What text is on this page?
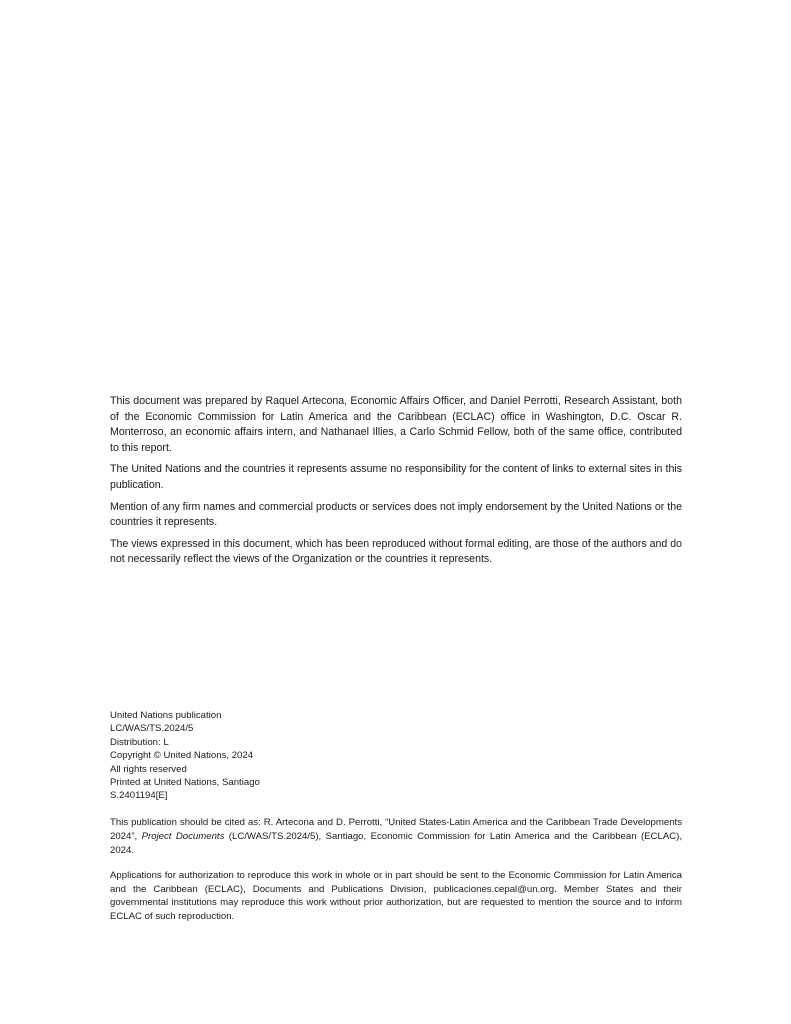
This document was prepared by Raquel Artecona, Economic Affairs Officer, and Daniel Perrotti, Research Assistant, both of the Economic Commission for Latin America and the Caribbean (ECLAC) office in Washington, D.C. Oscar R. Monterroso, an economic affairs intern, and Nathanael Illies, a Carlo Schmid Fellow, both of the same office, contributed to this report.

The United Nations and the countries it represents assume no responsibility for the content of links to external sites in this publication.

Mention of any firm names and commercial products or services does not imply endorsement by the United Nations or the countries it represents.

The views expressed in this document, which has been reproduced without formal editing, are those of the authors and do not necessarily reflect the views of the Organization or the countries it represents.

United Nations publication
LC/WAS/TS.2024/5
Distribution: L
Copyright © United Nations, 2024
All rights reserved
Printed at United Nations, Santiago
S.2401194[E]

This publication should be cited as: R. Artecona and D. Perrotti, “United States-Latin America and the Caribbean Trade Developments 2024”, Project Documents (LC/WAS/TS.2024/5), Santiago, Economic Commission for Latin America and the Caribbean (ECLAC), 2024.

Applications for authorization to reproduce this work in whole or in part should be sent to the Economic Commission for Latin America and the Caribbean (ECLAC), Documents and Publications Division, publicaciones.cepal@un.org. Member States and their governmental institutions may reproduce this work without prior authorization, but are requested to mention the source and to inform ECLAC of such reproduction.
